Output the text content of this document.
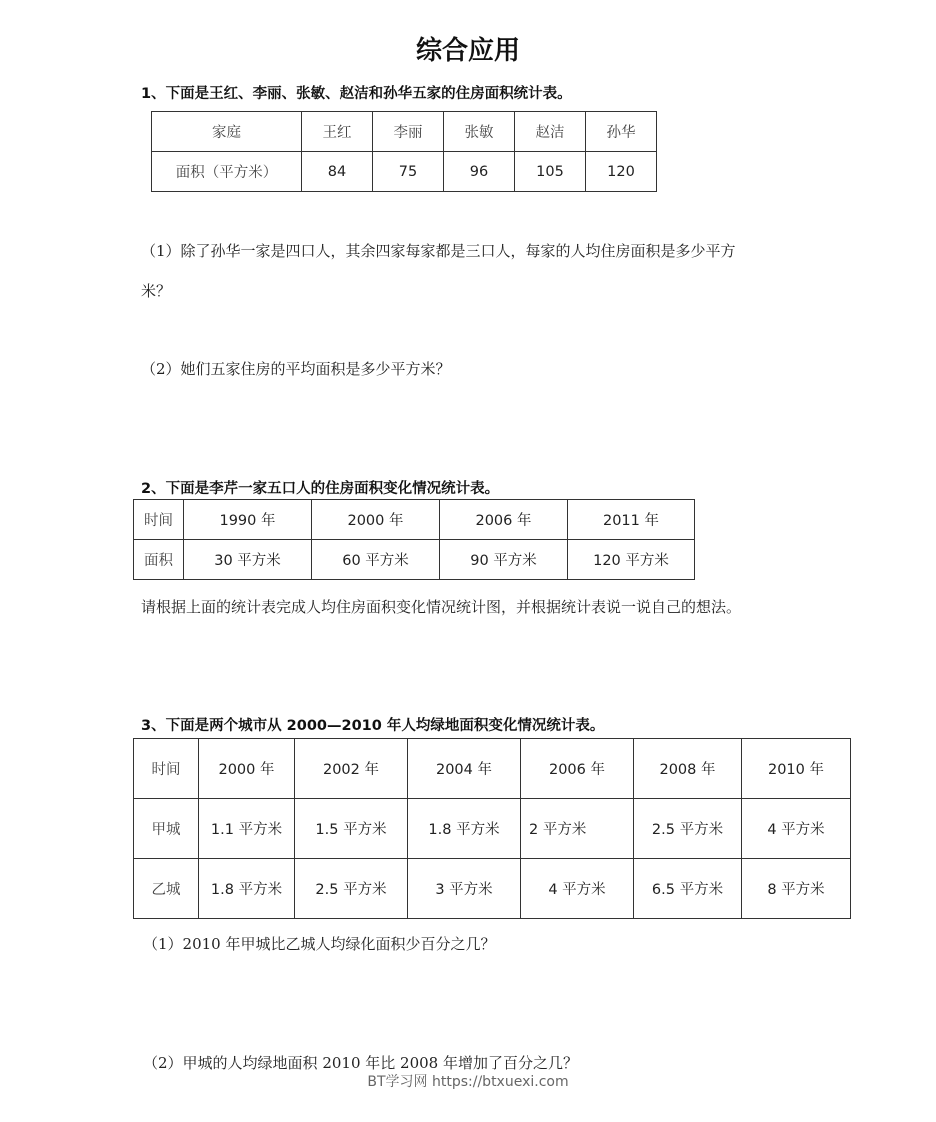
综合应用
1、下面是王红、李丽、张敏、赵洁和孙华五家的住房面积统计表。
家庭	王红	李丽	张敏	赵洁	孙华
面积（平方米）	84	75	96	105	120
（1）除了孙华一家是四口人，其余四家每家都是三口人，每家的人均住房面积是多少平方
米？
（2）她们五家住房的平均面积是多少平方米？
2、下面是李芹一家五口人的住房面积变化情况统计表。
时间	1990 年	2000 年	2006 年	2011 年
面积	30 平方米	60 平方米	90 平方米	120 平方米
请根据上面的统计表完成人均住房面积变化情况统计图，并根据统计表说一说自己的想法。
3、下面是两个城市从 2000—2010 年人均绿地面积变化情况统计表。
时间	2000 年	2002 年	2004 年	2006 年	2008 年	2010 年
甲城	1.1 平方米	1.5 平方米	1.8 平方米	2 平方米	2.5 平方米	4 平方米
乙城	1.8 平方米	2.5 平方米	3 平方米	4 平方米	6.5 平方米	8 平方米
（1）2010 年甲城比乙城人均绿化面积少百分之几？
（2）甲城的人均绿地面积 2010 年比 2008 年增加了百分之几？
BT学习网 https://btxuexi.com
